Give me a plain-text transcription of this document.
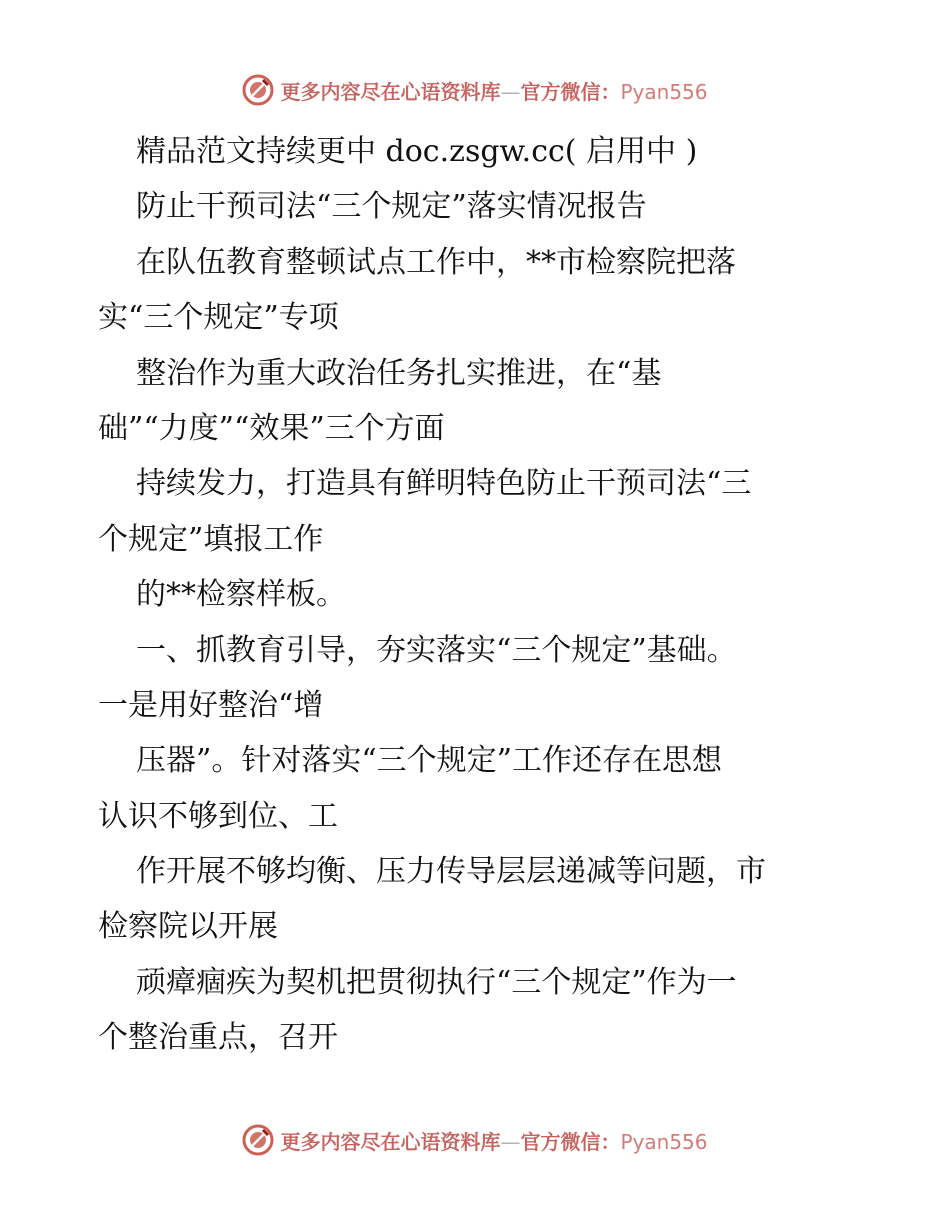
更多内容尽在心语资料库—官方微信：Pyan556
精品范文持续更中 doc.zsgw.cc( 启用中 )
防止干预司法“三个规定”落实情况报告
在队伍教育整顿试点工作中，**市检察院把落
实“三个规定”专项
整治作为重大政治任务扎实推进，在“基
础”“力度”“效果”三个方面
持续发力，打造具有鲜明特色防止干预司法“三
个规定”填报工作
的**检察样板。
一、抓教育引导，夯实落实“三个规定”基础。
一是用好整治“增
压器”。针对落实“三个规定”工作还存在思想
认识不够到位、工
作开展不够均衡、压力传导层层递减等问题，市
检察院以开展
顽瘴痼疾为契机把贯彻执行“三个规定”作为一
个整治重点，召开
更多内容尽在心语资料库—官方微信：Pyan556
